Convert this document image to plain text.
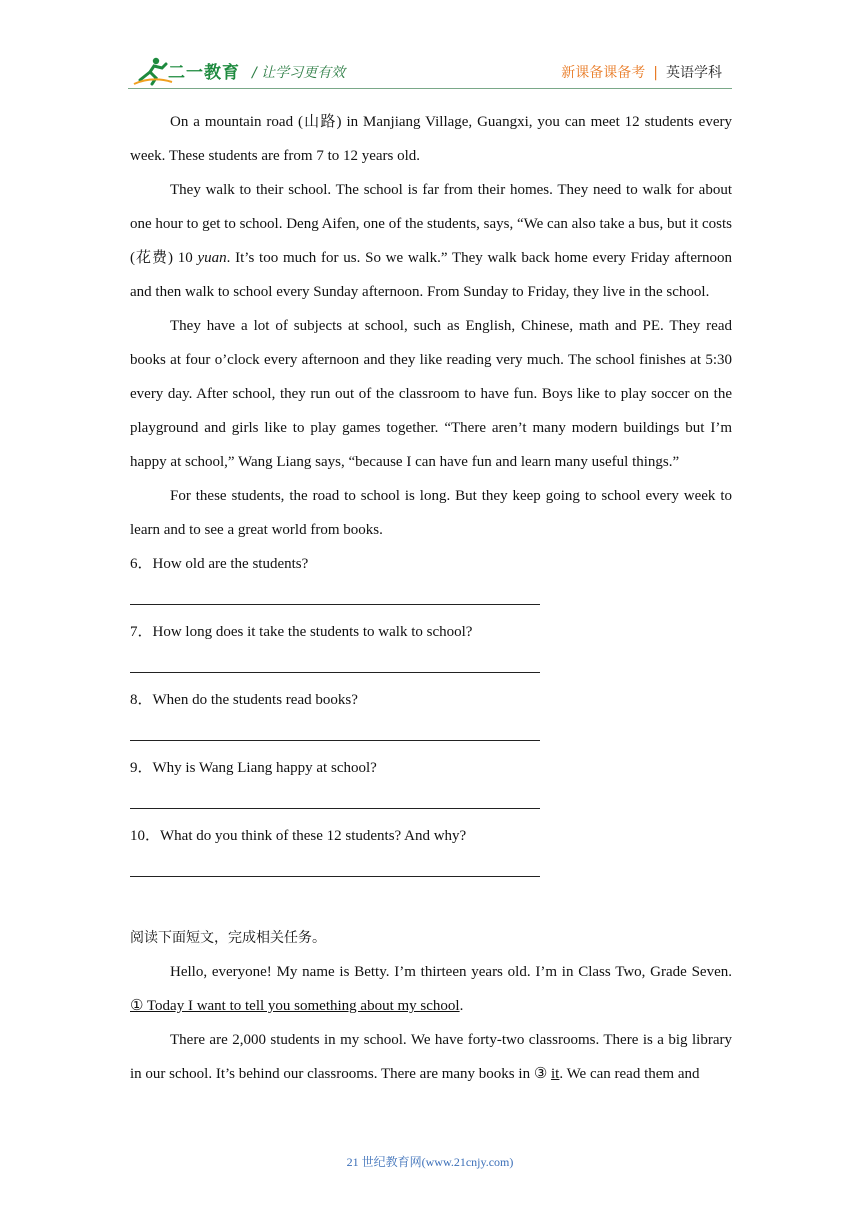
二一教育 / 让学习更有效	新课备课备考 | 英语学科

On a mountain road (山路) in Manjiang Village, Guangxi, you can meet 12 students every week. These students are from 7 to 12 years old.

They walk to their school. The school is far from their homes. They need to walk for about one hour to get to school. Deng Aifen, one of the students, says, “We can also take a bus, but it costs (花费) 10 yuan. It’s too much for us. So we walk.” They walk back home every Friday afternoon and then walk to school every Sunday afternoon. From Sunday to Friday, they live in the school.

They have a lot of subjects at school, such as English, Chinese, math and PE. They read books at four o’clock every afternoon and they like reading very much. The school finishes at 5:30 every day. After school, they run out of the classroom to have fun. Boys like to play soccer on the playground and girls like to play games together. “There aren’t many modern buildings but I’m happy at school,” Wang Liang says, “because I can have fun and learn many useful things.”

For these students, the road to school is long. But they keep going to school every week to learn and to see a great world from books.

6．How old are the students?
7．How long does it take the students to walk to school?
8．When do the students read books?
9．Why is Wang Liang happy at school?
10．What do you think of these 12 students? And why?
阅读下面短文，完成相关任务。

Hello, everyone! My name is Betty. I’m thirteen years old. I’m in Class Two, Grade Seven. ① Today I want to tell you something about my school.

There are 2,000 students in my school. We have forty-two classrooms. There is a big library in our school. It’s behind our classrooms. There are many books in ③ it. We can read them and

21 世纪教育网(www.21cnjy.com)
